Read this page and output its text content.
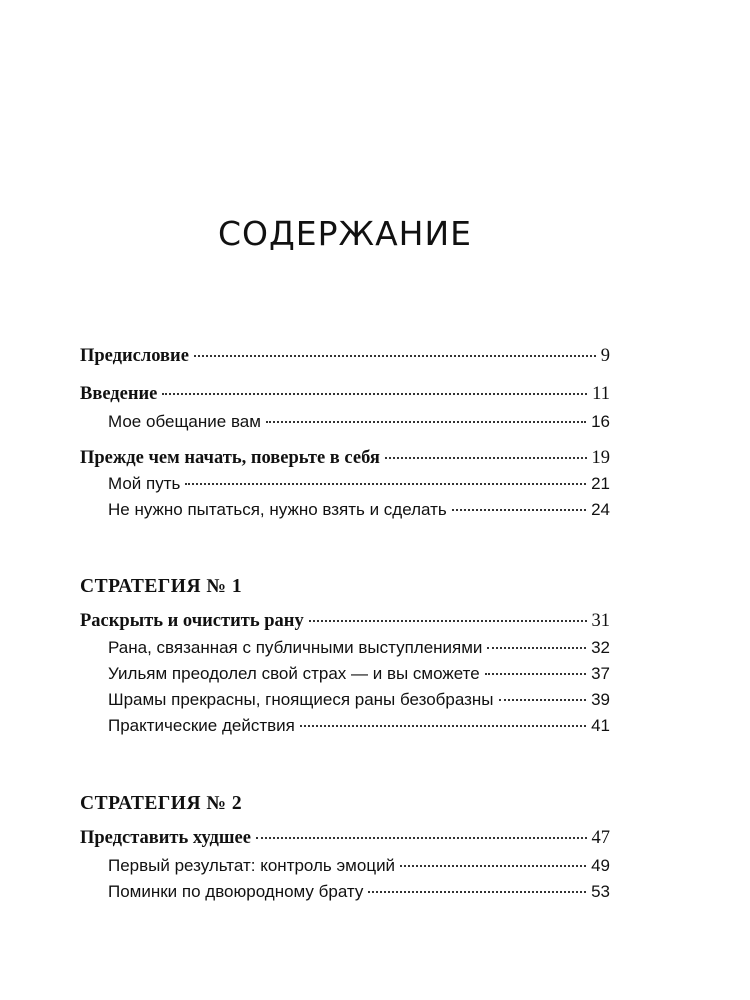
СОДЕРЖАНИЕ
Предисловие	9
Введение	11
Мое обещание вам	16
Прежде чем начать, поверьте в себя	19
Мой путь	21
Не нужно пытаться, нужно взять и сделать	24
СТРАТЕГИЯ № 1
Раскрыть и очистить рану	31
Рана, связанная с публичными выступлениями	32
Уильям преодолел свой страх — и вы сможете	37
Шрамы прекрасны, гноящиеся раны безобразны	39
Практические действия	41
СТРАТЕГИЯ № 2
Представить худшее	47
Первый результат: контроль эмоций	49
Поминки по двоюродному брату	53
